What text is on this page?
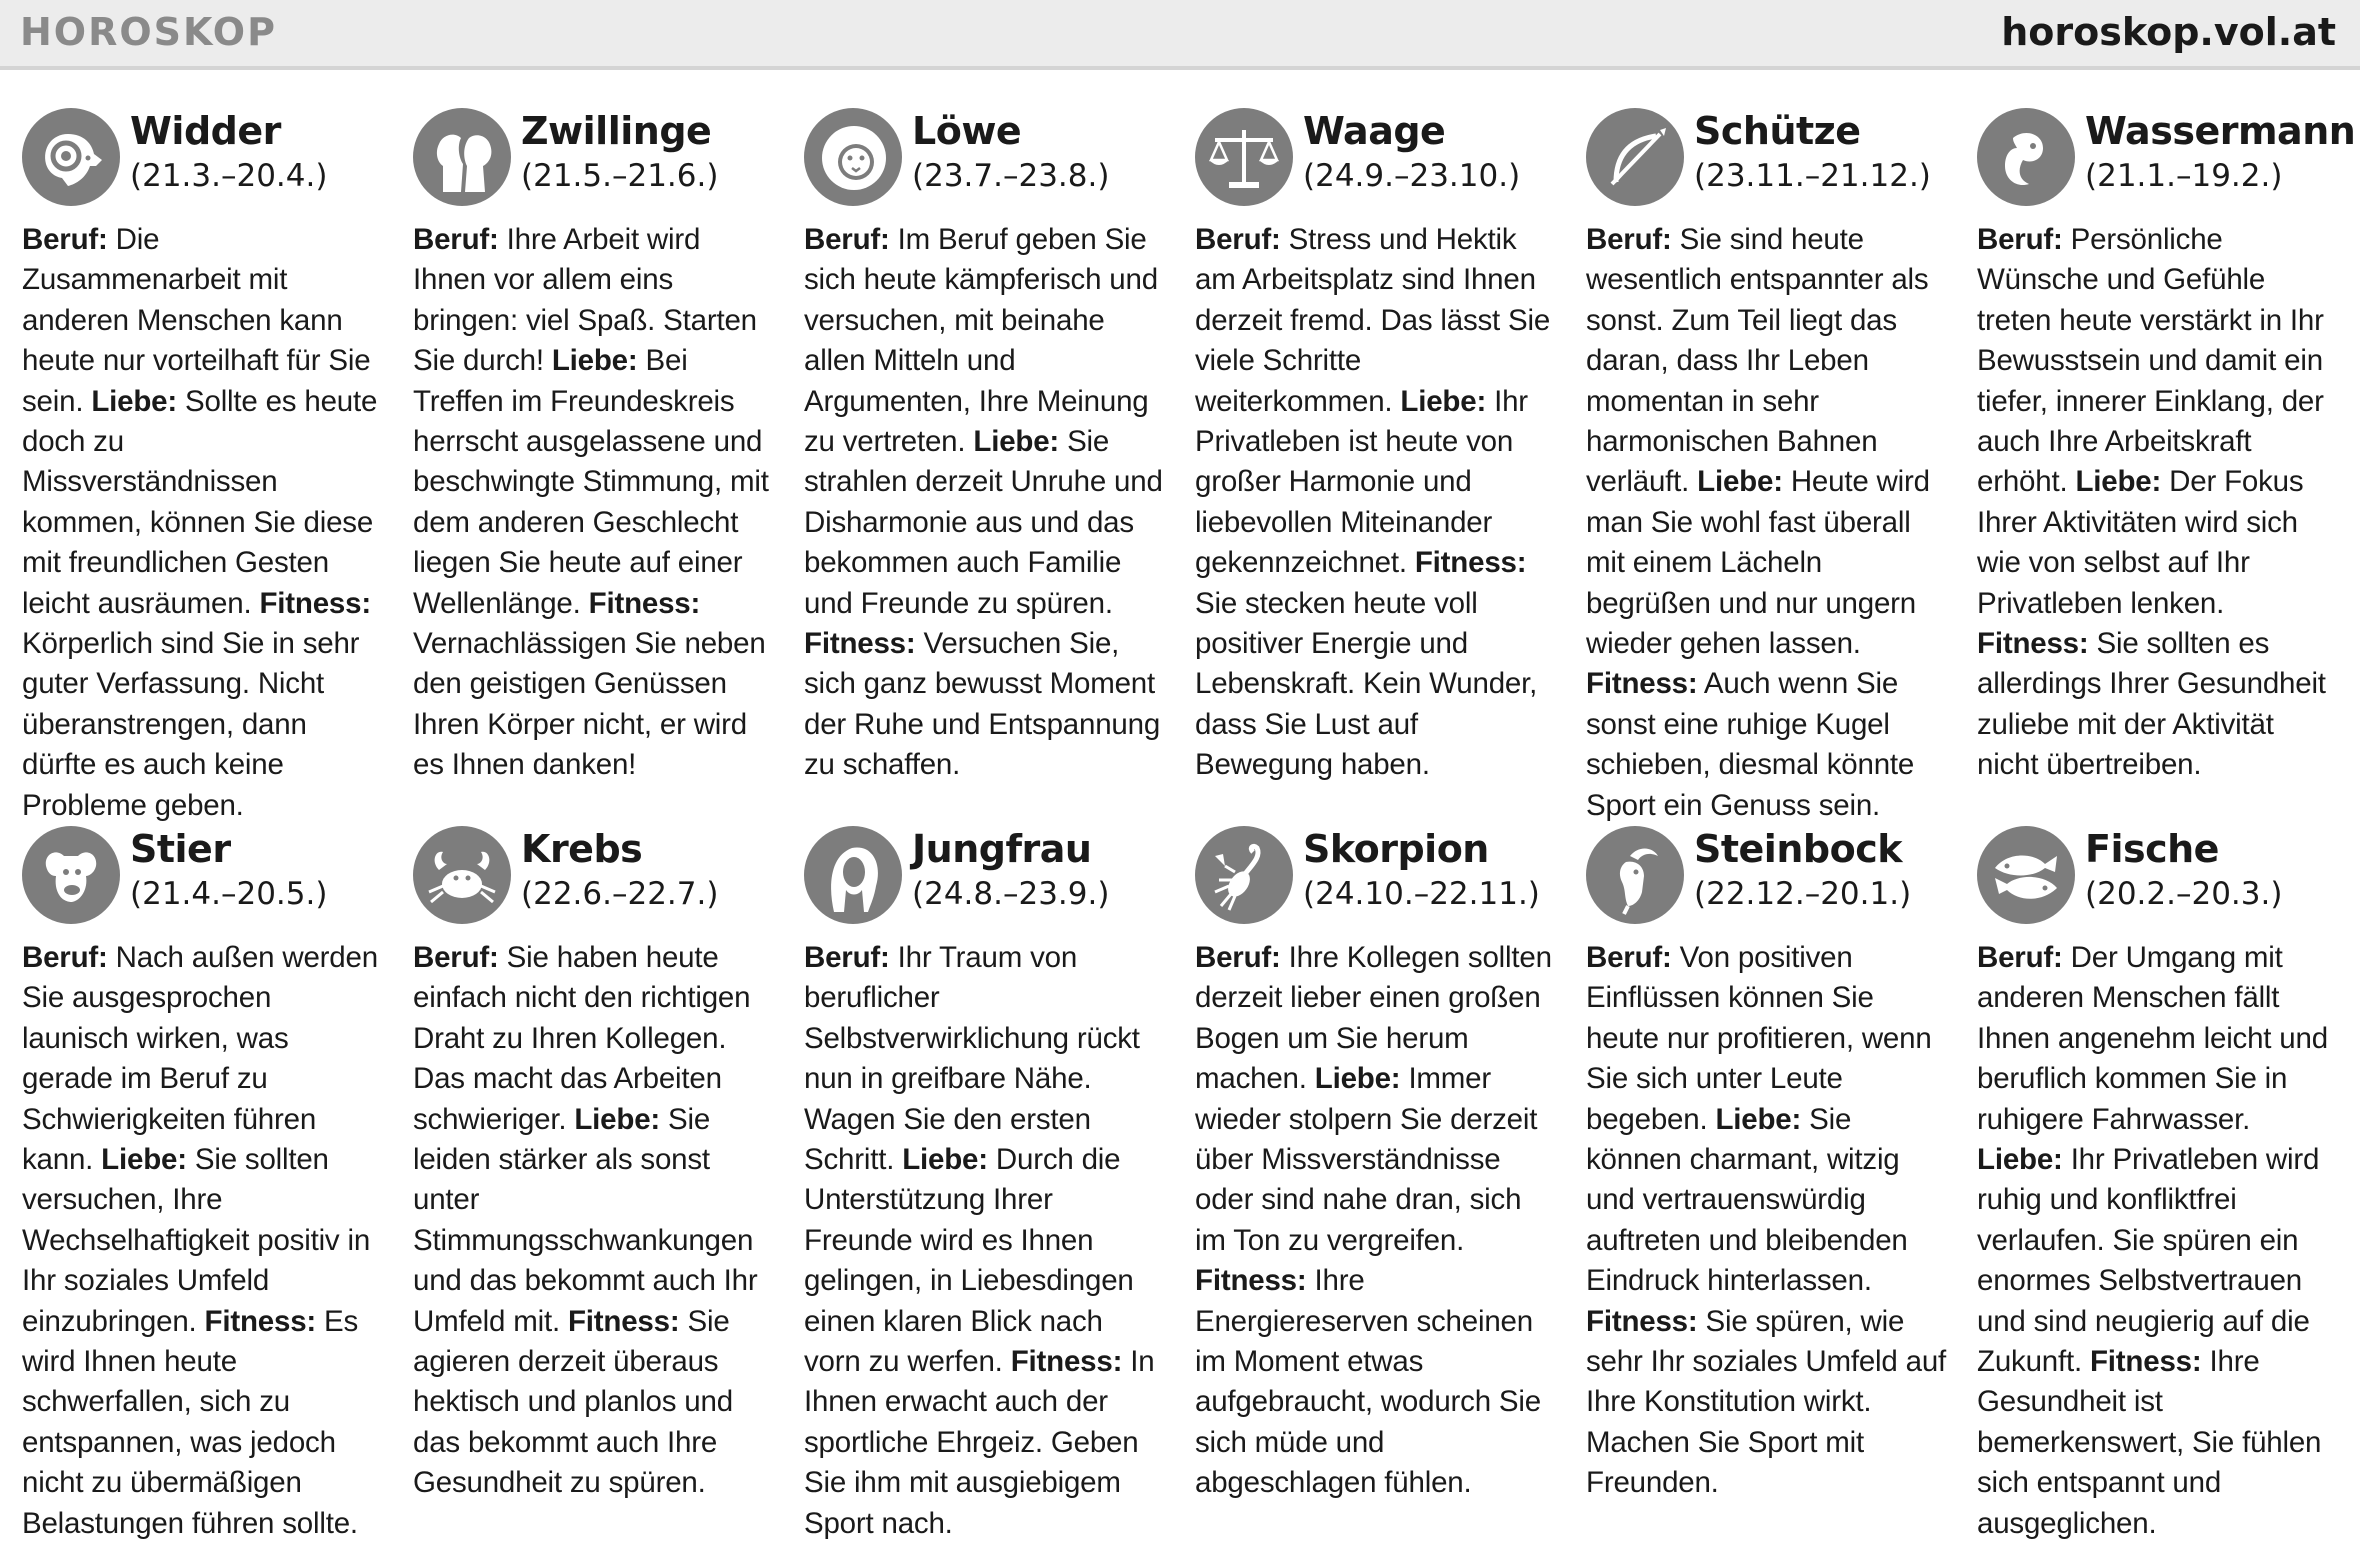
HOROSKOP	horoskop.vol.at
Widder
(21.3.–20.4.)
Beruf: Die Zusammenarbeit mit anderen Menschen kann heute nur vorteilhaft für Sie sein. Liebe: Sollte es heute doch zu Missverständnissen kommen, können Sie diese mit freundlichen Gesten leicht ausräumen. Fitness: Körperlich sind Sie in sehr guter Verfassung. Nicht überanstrengen, dann dürfte es auch keine Probleme geben.
Zwillinge
(21.5.–21.6.)
Beruf: Ihre Arbeit wird Ihnen vor allem eins bringen: viel Spaß. Starten Sie durch! Liebe: Bei Treffen im Freundeskreis herrscht ausgelassene und beschwingte Stimmung, mit dem anderen Geschlecht liegen Sie heute auf einer Wellenlänge. Fitness: Vernachlässigen Sie neben den geistigen Genüssen Ihren Körper nicht, er wird es Ihnen danken!
Löwe
(23.7.–23.8.)
Beruf: Im Beruf geben Sie sich heute kämpferisch und versuchen, mit beinahe allen Mitteln und Argumenten, Ihre Meinung zu vertreten. Liebe: Sie strahlen derzeit Unruhe und Disharmonie aus und das bekommen auch Familie und Freunde zu spüren. Fitness: Versuchen Sie, sich ganz bewusst Moment der Ruhe und Entspannung zu schaffen.
Waage
(24.9.–23.10.)
Beruf: Stress und Hektik am Arbeitsplatz sind Ihnen derzeit fremd. Das lässt Sie viele Schritte weiterkommen. Liebe: Ihr Privatleben ist heute von großer Harmonie und liebevollen Miteinander gekennzeichnet. Fitness: Sie stecken heute voll positiver Energie und Lebenskraft. Kein Wunder, dass Sie Lust auf Bewegung haben.
Schütze
(23.11.–21.12.)
Beruf: Sie sind heute wesentlich entspannter als sonst. Zum Teil liegt das daran, dass Ihr Leben momentan in sehr harmonischen Bahnen verläuft. Liebe: Heute wird man Sie wohl fast überall mit einem Lächeln begrüßen und nur ungern wieder gehen lassen. Fitness: Auch wenn Sie sonst eine ruhige Kugel schieben, diesmal könnte Sport ein Genuss sein.
Wassermann
(21.1.–19.2.)
Beruf: Persönliche Wünsche und Gefühle treten heute verstärkt in Ihr Bewusstsein und damit ein tiefer, innerer Einklang, der auch Ihre Arbeitskraft erhöht. Liebe: Der Fokus Ihrer Aktivitäten wird sich wie von selbst auf Ihr Privatleben lenken. Fitness: Sie sollten es allerdings Ihrer Gesundheit zuliebe mit der Aktivität nicht übertreiben.
Stier
(21.4.–20.5.)
Beruf: Nach außen werden Sie ausgesprochen launisch wirken, was gerade im Beruf zu Schwierigkeiten führen kann. Liebe: Sie sollten versuchen, Ihre Wechselhaftigkeit positiv in Ihr soziales Umfeld einzubringen. Fitness: Es wird Ihnen heute schwerfallen, sich zu entspannen, was jedoch nicht zu übermäßigen Belastungen führen sollte.
Krebs
(22.6.–22.7.)
Beruf: Sie haben heute einfach nicht den richtigen Draht zu Ihren Kollegen. Das macht das Arbeiten schwieriger. Liebe: Sie leiden stärker als sonst unter Stimmungsschwankungen und das bekommt auch Ihr Umfeld mit. Fitness: Sie agieren derzeit überaus hektisch und planlos und das bekommt auch Ihre Gesundheit zu spüren.
Jungfrau
(24.8.–23.9.)
Beruf: Ihr Traum von beruflicher Selbstverwirklichung rückt nun in greifbare Nähe. Wagen Sie den ersten Schritt. Liebe: Durch die Unterstützung Ihrer Freunde wird es Ihnen gelingen, in Liebesdingen einen klaren Blick nach vorn zu werfen. Fitness: In Ihnen erwacht auch der sportliche Ehrgeiz. Geben Sie ihm mit ausgiebigem Sport nach.
Skorpion
(24.10.–22.11.)
Beruf: Ihre Kollegen sollten derzeit lieber einen großen Bogen um Sie herum machen. Liebe: Immer wieder stolpern Sie derzeit über Missverständnisse oder sind nahe dran, sich im Ton zu vergreifen. Fitness: Ihre Energiereserven scheinen im Moment etwas aufgebraucht, wodurch Sie sich müde und abgeschlagen fühlen.
Steinbock
(22.12.–20.1.)
Beruf: Von positiven Einflüssen können Sie heute nur profitieren, wenn Sie sich unter Leute begeben. Liebe: Sie können charmant, witzig und vertrauenswürdig auftreten und bleibenden Eindruck hinterlassen. Fitness: Sie spüren, wie sehr Ihr soziales Umfeld auf Ihre Konstitution wirkt. Machen Sie Sport mit Freunden.
Fische
(20.2.–20.3.)
Beruf: Der Umgang mit anderen Menschen fällt Ihnen angenehm leicht und beruflich kommen Sie in ruhigere Fahrwasser. Liebe: Ihr Privatleben wird ruhig und konfliktfrei verlaufen. Sie spüren ein enormes Selbstvertrauen und sind neugierig auf die Zukunft. Fitness: Ihre Gesundheit ist bemerkenswert, Sie fühlen sich entspannt und ausgeglichen.
